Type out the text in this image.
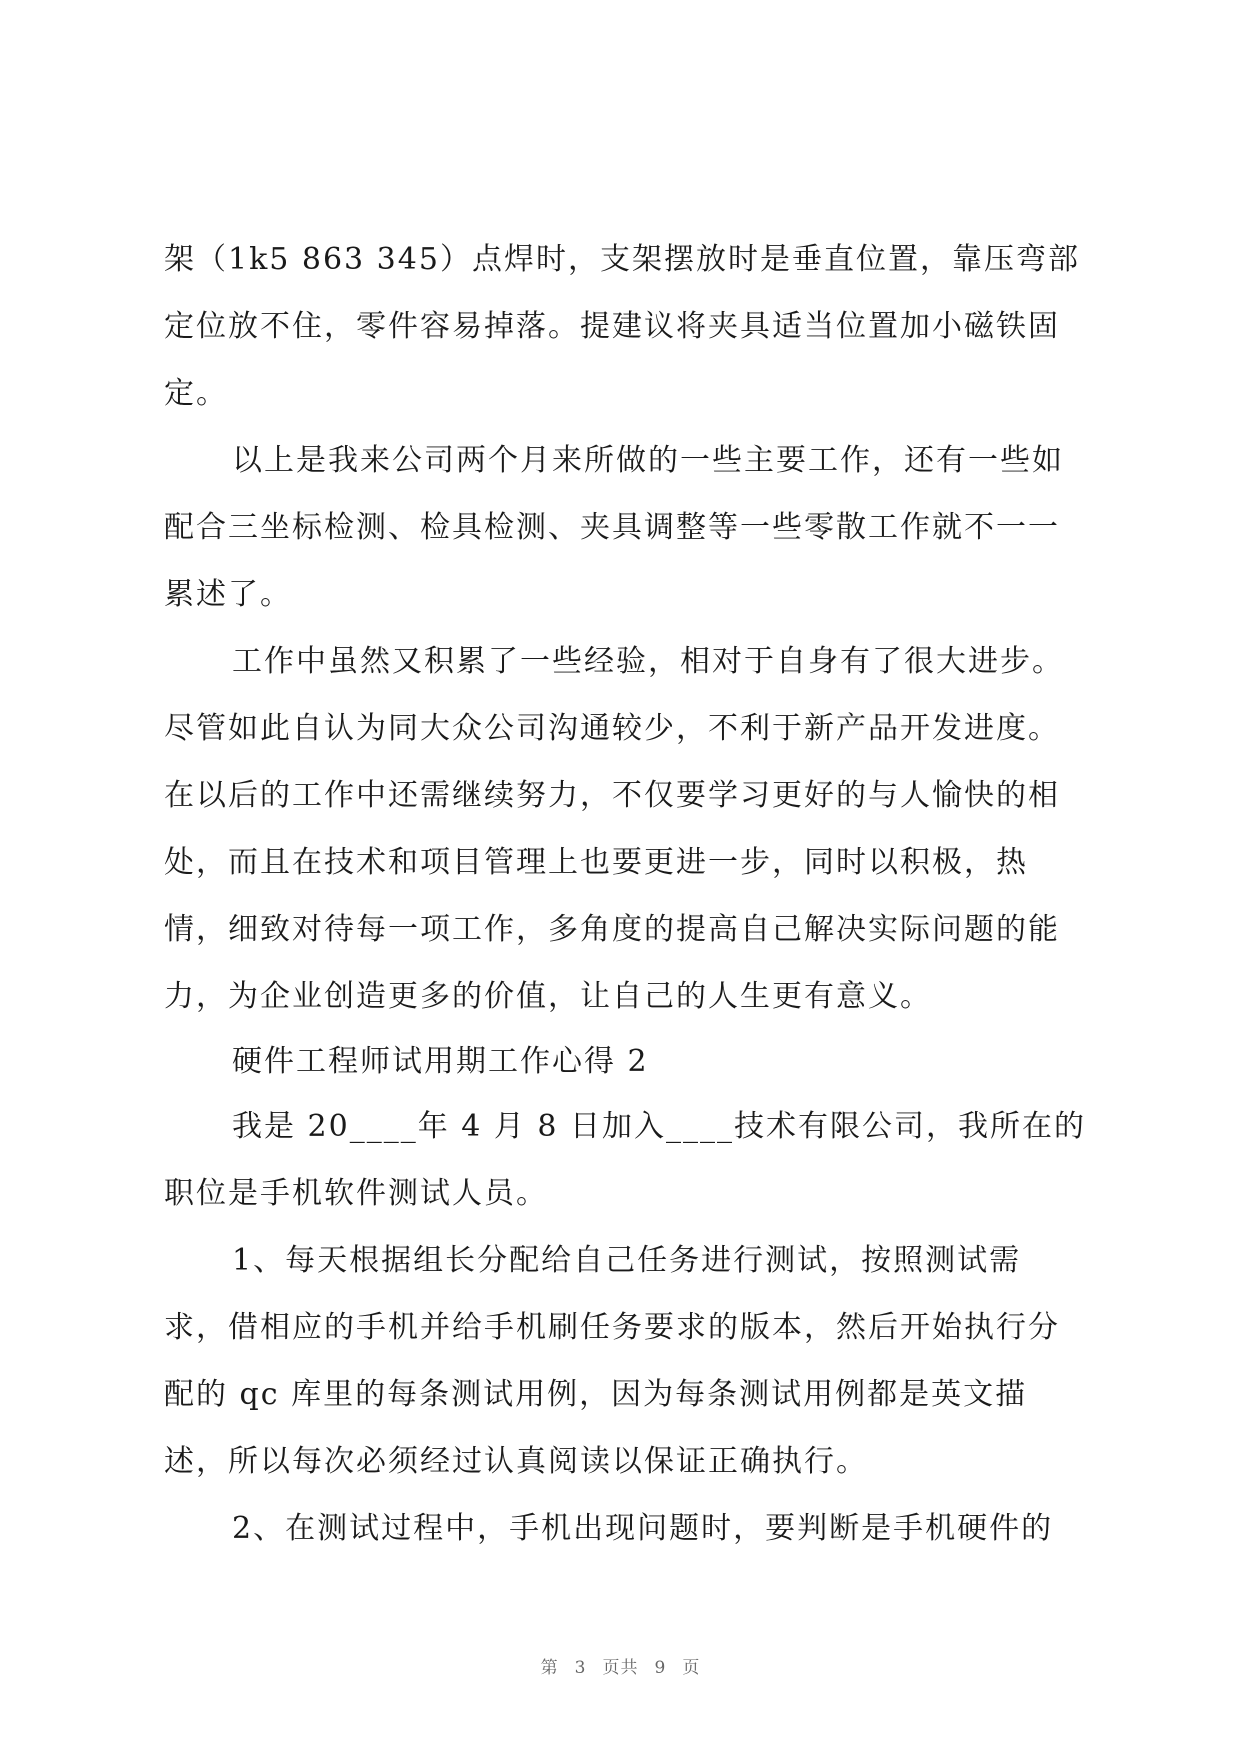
架（1k5 863 345）点焊时，支架摆放时是垂直位置，靠压弯部
定位放不住，零件容易掉落。提建议将夹具适当位置加小磁铁固
定。
以上是我来公司两个月来所做的一些主要工作，还有一些如
配合三坐标检测、检具检测、夹具调整等一些零散工作就不一一
累述了。
工作中虽然又积累了一些经验，相对于自身有了很大进步。
尽管如此自认为同大众公司沟通较少，不利于新产品开发进度。
在以后的工作中还需继续努力，不仅要学习更好的与人愉快的相
处，而且在技术和项目管理上也要更进一步，同时以积极，热
情，细致对待每一项工作，多角度的提高自己解决实际问题的能
力，为企业创造更多的价值，让自己的人生更有意义。
硬件工程师试用期工作心得 2
我是 20____年 4 月 8 日加入____技术有限公司，我所在的
职位是手机软件测试人员。
1、每天根据组长分配给自己任务进行测试，按照测试需
求，借相应的手机并给手机刷任务要求的版本，然后开始执行分
配的 qc 库里的每条测试用例，因为每条测试用例都是英文描
述，所以每次必须经过认真阅读以保证正确执行。
2、在测试过程中，手机出现问题时，要判断是手机硬件的
第 3 页共 9 页
